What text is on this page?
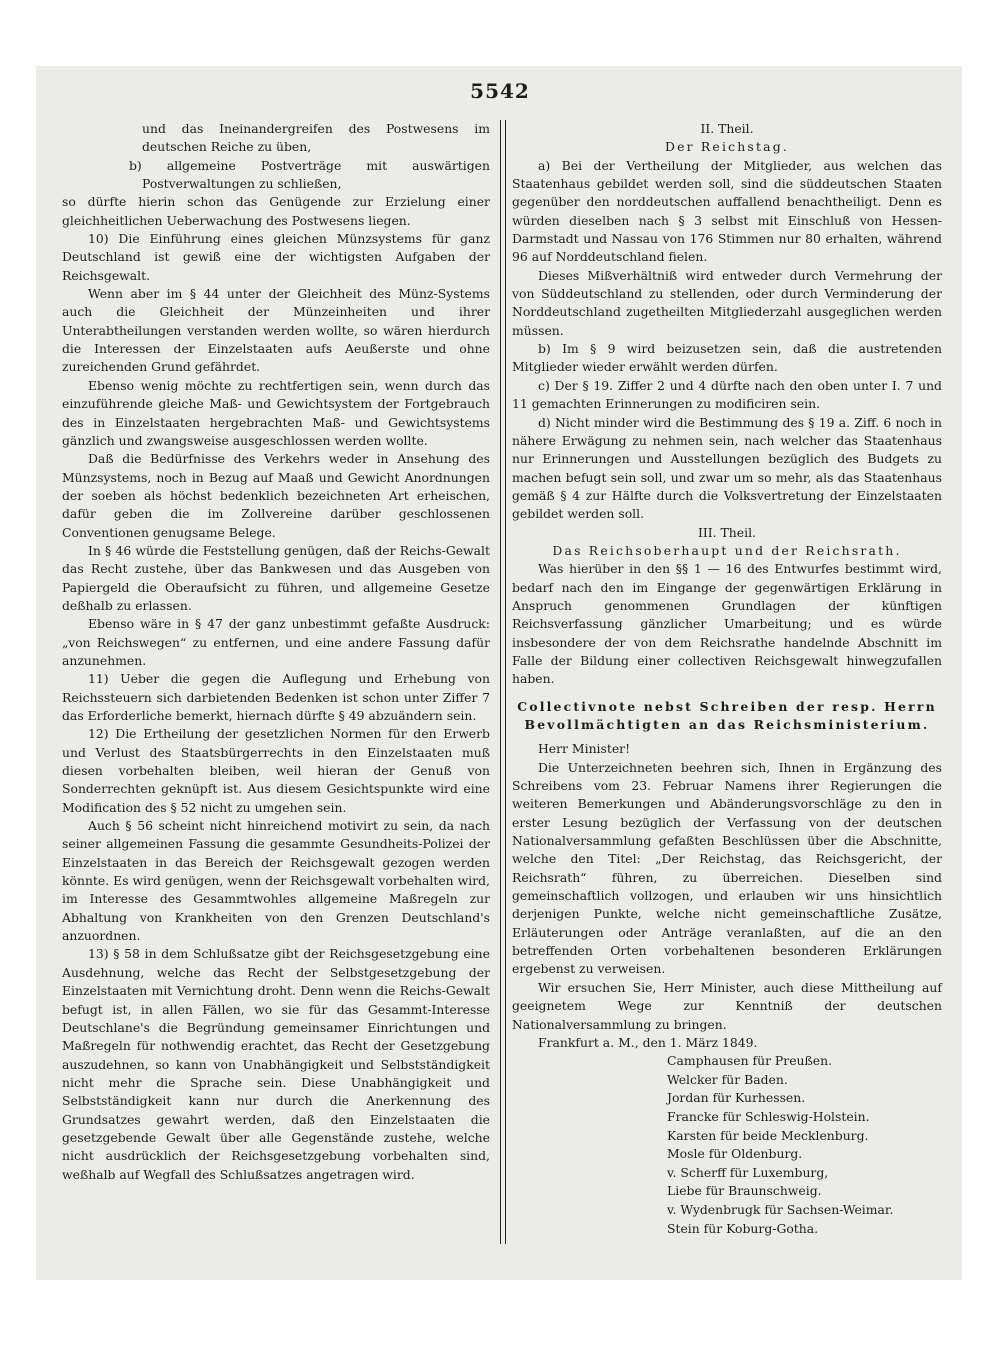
5542

und das Ineinandergreifen des Postwesens im deutschen Reiche zu üben,

b) allgemeine Postverträge mit auswärtigen Postverwaltungen zu schließen,

so dürfte hierin schon das Genügende zur Erzielung einer gleichheitlichen Ueberwachung des Postwesens liegen.

10) Die Einführung eines gleichen Münzsystems für ganz Deutschland ist gewiß eine der wichtigsten Aufgaben der Reichsgewalt.

Wenn aber im § 44 unter der Gleichheit des Münz-Systems auch die Gleichheit der Münzeinheiten und ihrer Unterabtheilungen verstanden werden wollte, so wären hierdurch die Interessen der Einzelstaaten aufs Aeußerste und ohne zureichenden Grund gefährdet.

Ebenso wenig möchte zu rechtfertigen sein, wenn durch das einzuführende gleiche Maß- und Gewichtsystem der Fortgebrauch des in Einzelstaaten hergebrachten Maß- und Gewichtsystems gänzlich und zwangsweise ausgeschlossen werden wollte.

Daß die Bedürfnisse des Verkehrs weder in Ansehung des Münzsystems, noch in Bezug auf Maaß und Gewicht Anordnungen der soeben als höchst bedenklich bezeichneten Art erheischen, dafür geben die im Zollvereine darüber geschlossenen Conventionen genugsame Belege.

In § 46 würde die Feststellung genügen, daß der Reichs-Gewalt das Recht zustehe, über das Bankwesen und das Ausgeben von Papiergeld die Oberaufsicht zu führen, und allgemeine Gesetze deßhalb zu erlassen.

Ebenso wäre in § 47 der ganz unbestimmt gefaßte Ausdruck: „von Reichswegen“ zu entfernen, und eine andere Fassung dafür anzunehmen.

11) Ueber die gegen die Auflegung und Erhebung von Reichssteuern sich darbietenden Bedenken ist schon unter Ziffer 7 das Erforderliche bemerkt, hiernach dürfte § 49 abzuändern sein.

12) Die Ertheilung der gesetzlichen Normen für den Erwerb und Verlust des Staatsbürgerrechts in den Einzelstaaten muß diesen vorbehalten bleiben, weil hieran der Genuß von Sonderrechten geknüpft ist. Aus diesem Gesichtspunkte wird eine Modification des § 52 nicht zu umgehen sein.

Auch § 56 scheint nicht hinreichend motivirt zu sein, da nach seiner allgemeinen Fassung die gesammte Gesundheits-Polizei der Einzelstaaten in das Bereich der Reichsgewalt gezogen werden könnte. Es wird genügen, wenn der Reichsgewalt vorbehalten wird, im Interesse des Gesammtwohles allgemeine Maßregeln zur Abhaltung von Krankheiten von den Grenzen Deutschland's anzuordnen.

13) § 58 in dem Schlußsatze gibt der Reichsgesetzgebung eine Ausdehnung, welche das Recht der Selbstgesetzgebung der Einzelstaaten mit Vernichtung droht. Denn wenn die Reichs-Gewalt befugt ist, in allen Fällen, wo sie für das Gesammt-Interesse Deutschlane's die Begründung gemeinsamer Einrichtungen und Maßregeln für nothwendig erachtet, das Recht der Gesetzgebung auszudehnen, so kann von Unabhängigkeit und Selbstständigkeit nicht mehr die Sprache sein. Diese Unabhängigkeit und Selbstständigkeit kann nur durch die Anerkennung des Grundsatzes gewahrt werden, daß den Einzelstaaten die gesetzgebende Gewalt über alle Gegenstände zustehe, welche nicht ausdrücklich der Reichsgesetzgebung vorbehalten sind, weßhalb auf Wegfall des Schlußsatzes angetragen wird.

II. Theil.

Der Reichstag.

a) Bei der Vertheilung der Mitglieder, aus welchen das Staatenhaus gebildet werden soll, sind die süddeutschen Staaten gegenüber den norddeutschen auffallend benachtheiligt. Denn es würden dieselben nach § 3 selbst mit Einschluß von Hessen-Darmstadt und Nassau von 176 Stimmen nur 80 erhalten, während 96 auf Norddeutschland fielen.

Dieses Mißverhältniß wird entweder durch Vermehrung der von Süddeutschland zu stellenden, oder durch Verminderung der Norddeutschland zugetheilten Mitgliederzahl ausgeglichen werden müssen.

b) Im § 9 wird beizusetzen sein, daß die austretenden Mitglieder wieder erwählt werden dürfen.

c) Der § 19. Ziffer 2 und 4 dürfte nach den oben unter I. 7 und 11 gemachten Erinnerungen zu modificiren sein.

d) Nicht minder wird die Bestimmung des § 19 a. Ziff. 6 noch in nähere Erwägung zu nehmen sein, nach welcher das Staatenhaus nur Erinnerungen und Ausstellungen bezüglich des Budgets zu machen befugt sein soll, und zwar um so mehr, als das Staatenhaus gemäß § 4 zur Hälfte durch die Volksvertretung der Einzelstaaten gebildet werden soll.

III. Theil.

Das Reichsoberhaupt und der Reichsrath.

Was hierüber in den §§ 1 — 16 des Entwurfes bestimmt wird, bedarf nach den im Eingange der gegenwärtigen Erklärung in Anspruch genommenen Grundlagen der künftigen Reichsverfassung gänzlicher Umarbeitung; und es würde insbesondere der von dem Reichsrathe handelnde Abschnitt im Falle der Bildung einer collectiven Reichsgewalt hinwegzufallen haben.

Collectivnote nebst Schreiben der resp. Herrn Bevollmächtigten an das Reichsministerium.

Herr Minister!

Die Unterzeichneten beehren sich, Ihnen in Ergänzung des Schreibens vom 23. Februar Namens ihrer Regierungen die weiteren Bemerkungen und Abänderungsvorschläge zu den in erster Lesung bezüglich der Verfassung von der deutschen Nationalversammlung gefaßten Beschlüssen über die Abschnitte, welche den Titel: „Der Reichstag, das Reichsgericht, der Reichsrath“ führen, zu überreichen. Dieselben sind gemeinschaftlich vollzogen, und erlauben wir uns hinsichtlich derjenigen Punkte, welche nicht gemeinschaftliche Zusätze, Erläuterungen oder Anträge veranlaßten, auf die an den betreffenden Orten vorbehaltenen besonderen Erklärungen ergebenst zu verweisen.

Wir ersuchen Sie, Herr Minister, auch diese Mittheilung auf geeignetem Wege zur Kenntniß der deutschen Nationalversammlung zu bringen.

Frankfurt a. M., den 1. März 1849.

Camphausen für Preußen.
Welcker für Baden.
Jordan für Kurhessen.
Francke für Schleswig-Holstein.
Karsten für beide Mecklenburg.
Mosle für Oldenburg.
v. Scherff für Luxemburg,
Liebe für Braunschweig.
v. Wydenbrugk für Sachsen-Weimar.
Stein für Koburg-Gotha.
